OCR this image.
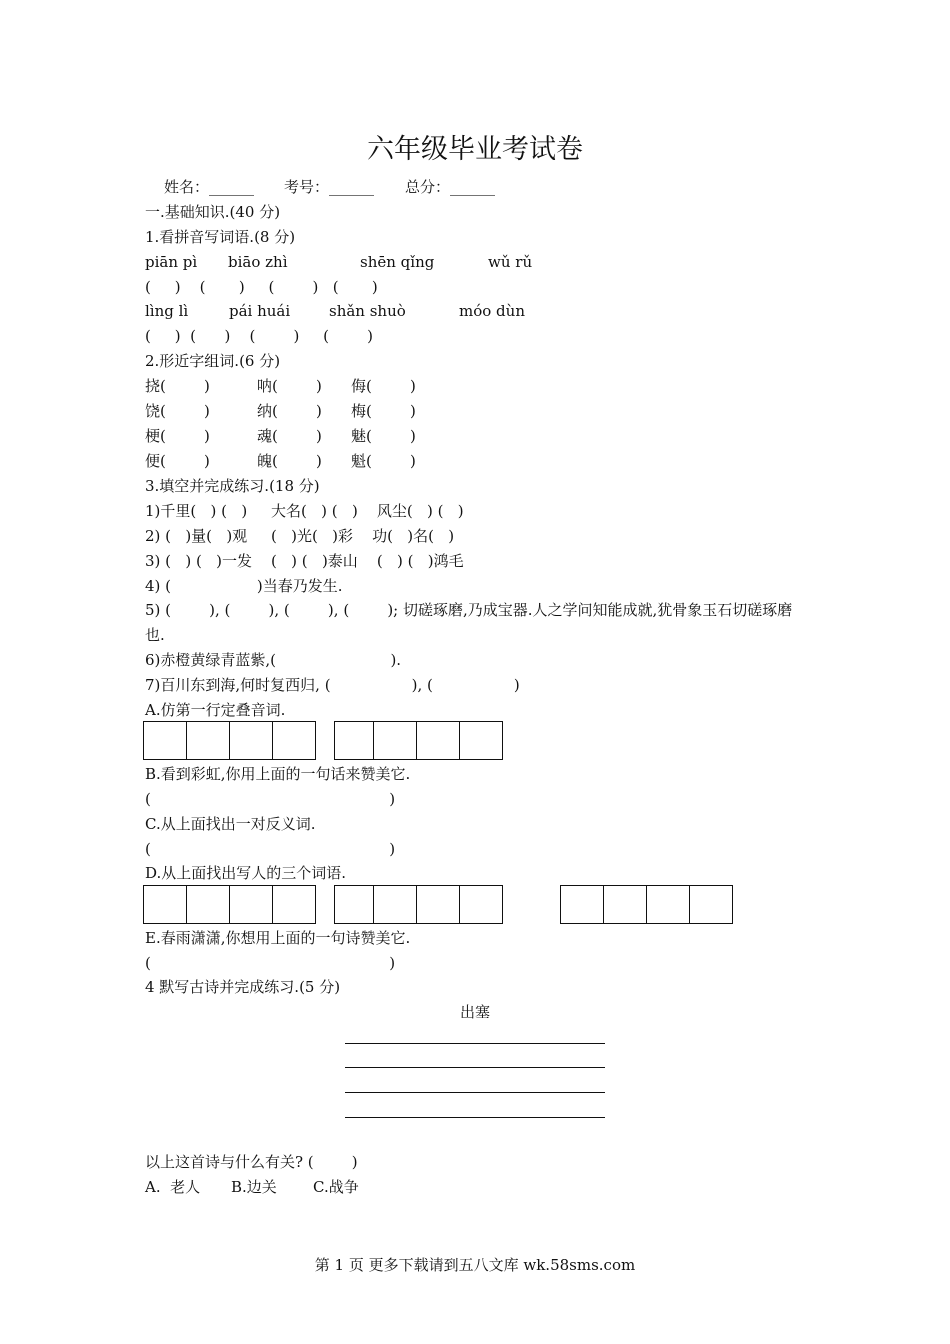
六年级毕业考试卷
姓名：______ 考号：______ 总分：______
一.基础知识.(40 分)
1.看拼音写词语.(8 分)
piān pì biāo zhì	shēn qǐng	wǔ rǔ
(     )    (       )     (        )   (       )
lìng lì	pái huái	shǎn shuò	móo dùn
(     )  (      )    (        )     (        )
2.形近字组词.(6 分)
挠(        )	呐(        ) 侮(        )
饶(        )	纳(        ) 梅(        )
梗(        )	魂(        ) 魅(        )
便(        )	魄(        ) 魁(        )
3.填空并完成练习.(18 分)
1)千里(   ) (   )     大名(   ) (   )    风尘(   ) (   )
2) (   )量(   )观     (   )光(   )彩    功(   )名(   )
3) (   ) (   )一发    (   ) (   )泰山    (   ) (   )鸿毛
4) (                  )当春乃发生.
5) (        ), (        ), (        ), (        ); 切磋琢磨,乃成宝器.人之学问知能成就,犹骨象玉石切磋琢磨
也.
6)赤橙黄绿青蓝紫,(                        ).
7)百川东到海,何时复西归, (                 ), (                 )
A.仿第一行定叠音词.
B.看到彩虹,你用上面的一句话来赞美它.
(                                                  )
C.从上面找出一对反义词.
(                                                  )
D.从上面找出写人的三个词语.
E.春雨潇潇,你想用上面的一句诗赞美它.
(                                                  )
4 默写古诗并完成练习.(5 分)
出塞
以上这首诗与什么有关? (        )
A.  老人 B.边关 C.战争
第 1 页 更多下载请到五八文库 wk.58sms.com
